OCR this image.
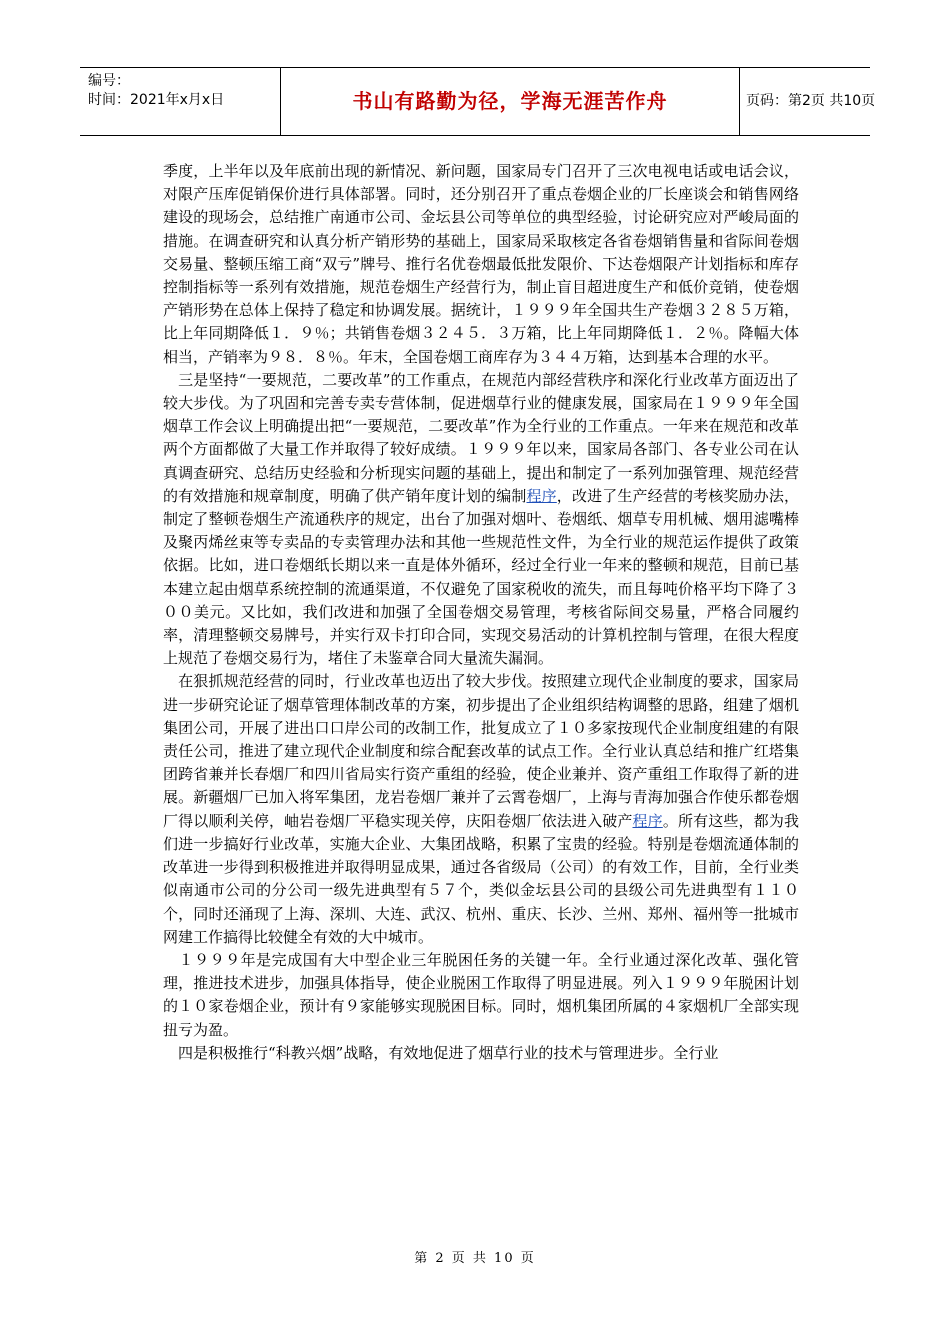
编号：
时间：2021年x月x日	书山有路勤为径，学海无涯苦作舟	页码：第2页 共10页

季度，上半年以及年底前出现的新情况、新问题，国家局专门召开了三次电视电话或电话会议，对限产压库促销保价进行具体部署。同时，还分别召开了重点卷烟企业的厂长座谈会和销售网络建设的现场会，总结推广南通市公司、金坛县公司等单位的典型经验，讨论研究应对严峻局面的措施。在调查研究和认真分析产销形势的基础上，国家局采取核定各省卷烟销售量和省际间卷烟交易量、整顿压缩工商“双亏”牌号、推行名优卷烟最低批发限价、下达卷烟限产计划指标和库存控制指标等一系列有效措施，规范卷烟生产经营行为，制止盲目超进度生产和低价竞销，使卷烟产销形势在总体上保持了稳定和协调发展。据统计，１９９９年全国共生产卷烟３２８５万箱，比上年同期降低１．９％；共销售卷烟３２４５．３万箱，比上年同期降低１．２％。降幅大体相当，产销率为９８．８％。年末，全国卷烟工商库存为３４４万箱，达到基本合理的水平。

　三是坚持“一要规范，二要改革”的工作重点，在规范内部经营秩序和深化行业改革方面迈出了较大步伐。为了巩固和完善专卖专营体制，促进烟草行业的健康发展，国家局在１９９９年全国烟草工作会议上明确提出把“一要规范，二要改革”作为全行业的工作重点。一年来在规范和改革两个方面都做了大量工作并取得了较好成绩。１９９９年以来，国家局各部门、各专业公司在认真调查研究、总结历史经验和分析现实问题的基础上，提出和制定了一系列加强管理、规范经营的有效措施和规章制度，明确了供产销年度计划的编制程序，改进了生产经营的考核奖励办法，制定了整顿卷烟生产流通秩序的规定，出台了加强对烟叶、卷烟纸、烟草专用机械、烟用滤嘴棒及聚丙烯丝束等专卖品的专卖管理办法和其他一些规范性文件，为全行业的规范运作提供了政策依据。比如，进口卷烟纸长期以来一直是体外循环，经过全行业一年来的整顿和规范，目前已基本建立起由烟草系统控制的流通渠道，不仅避免了国家税收的流失，而且每吨价格平均下降了３００美元。又比如，我们改进和加强了全国卷烟交易管理，考核省际间交易量，严格合同履约率，清理整顿交易牌号，并实行双卡打印合同，实现交易活动的计算机控制与管理，在很大程度上规范了卷烟交易行为，堵住了未鉴章合同大量流失漏洞。

　在狠抓规范经营的同时，行业改革也迈出了较大步伐。按照建立现代企业制度的要求，国家局进一步研究论证了烟草管理体制改革的方案，初步提出了企业组织结构调整的思路，组建了烟机集团公司，开展了进出口口岸公司的改制工作，批复成立了１０多家按现代企业制度组建的有限责任公司，推进了建立现代企业制度和综合配套改革的试点工作。全行业认真总结和推广红塔集团跨省兼并长春烟厂和四川省局实行资产重组的经验，使企业兼并、资产重组工作取得了新的进展。新疆烟厂已加入将军集团，龙岩卷烟厂兼并了云霄卷烟厂，上海与青海加强合作使乐都卷烟厂得以顺利关停，岫岩卷烟厂平稳实现关停，庆阳卷烟厂依法进入破产程序。所有这些，都为我们进一步搞好行业改革，实施大企业、大集团战略，积累了宝贵的经验。特别是卷烟流通体制的改革进一步得到积极推进并取得明显成果，通过各省级局（公司）的有效工作，目前，全行业类似南通市公司的分公司一级先进典型有５７个，类似金坛县公司的县级公司先进典型有１１０个，同时还涌现了上海、深圳、大连、武汉、杭州、重庆、长沙、兰州、郑州、福州等一批城市网建工作搞得比较健全有效的大中城市。

　１９９９年是完成国有大中型企业三年脱困任务的关键一年。全行业通过深化改革、强化管理，推进技术进步，加强具体指导，使企业脱困工作取得了明显进展。列入１９９９年脱困计划的１０家卷烟企业，预计有９家能够实现脱困目标。同时，烟机集团所属的４家烟机厂全部实现扭亏为盈。

　四是积极推行“科教兴烟”战略，有效地促进了烟草行业的技术与管理进步。全行业

第 2 页 共 10 页
